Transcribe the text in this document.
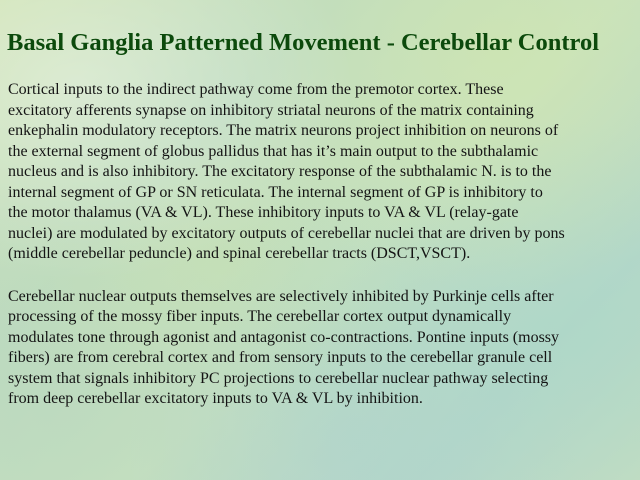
Basal Ganglia Patterned Movement - Cerebellar Control

Cortical inputs to the indirect pathway come from the premotor cortex. These
excitatory afferents synapse on inhibitory striatal neurons of the matrix containing
enkephalin modulatory receptors. The matrix neurons project inhibition on neurons of
the external segment of globus pallidus that has it’s main output to the subthalamic
nucleus and is also inhibitory. The excitatory response of the subthalamic N. is to the
internal segment of GP or SN reticulata. The internal segment of GP is inhibitory to
the motor thalamus (VA & VL). These inhibitory inputs to VA & VL (relay-gate
nuclei) are modulated by excitatory outputs of cerebellar nuclei that are driven by pons
(middle cerebellar peduncle) and spinal cerebellar tracts (DSCT,VSCT).

Cerebellar nuclear outputs themselves are selectively inhibited by Purkinje cells after
processing of the mossy fiber inputs. The cerebellar cortex output dynamically
modulates tone through agonist and antagonist co-contractions. Pontine inputs (mossy
fibers) are from cerebral cortex and from sensory inputs to the cerebellar granule cell
system that signals inhibitory PC projections to cerebellar nuclear pathway selecting
from deep cerebellar excitatory inputs to VA & VL by inhibition.
